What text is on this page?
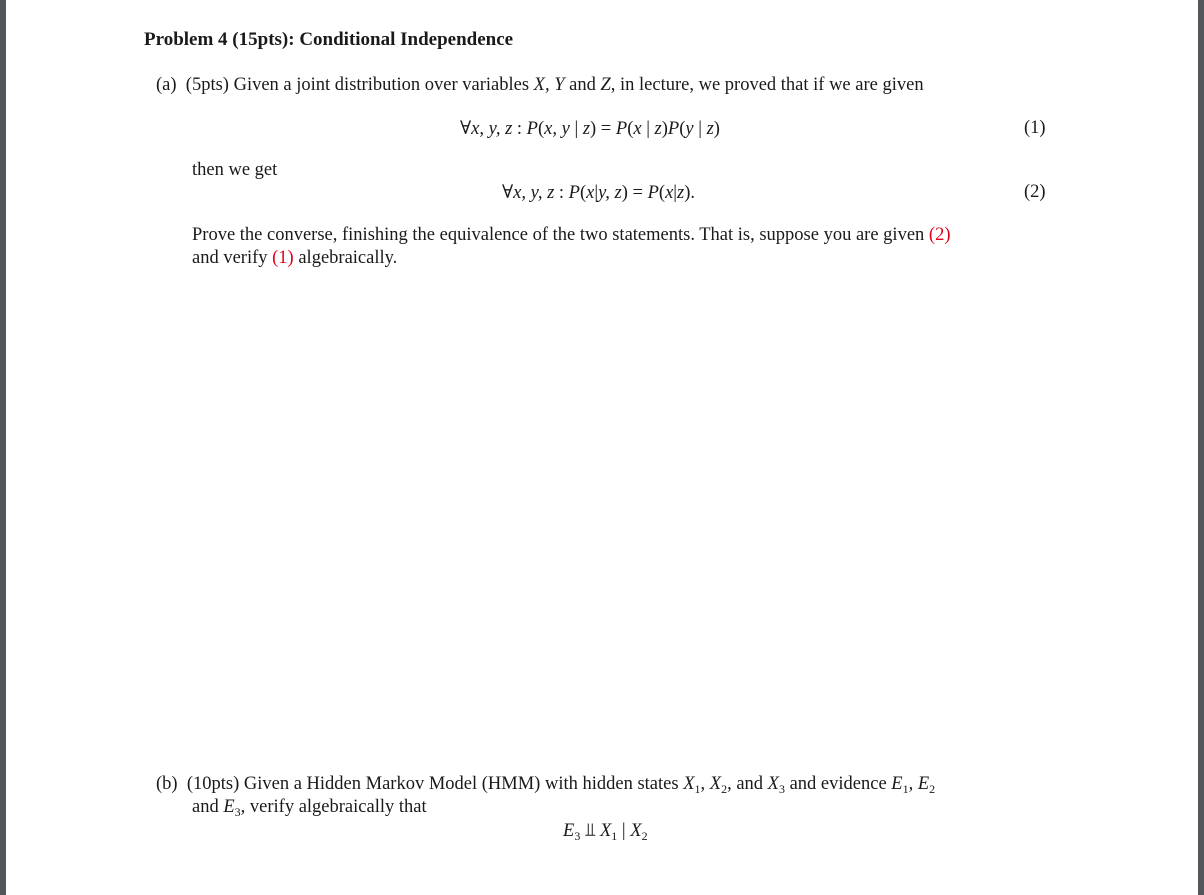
Problem 4 (15pts): Conditional Independence
(a) (5pts) Given a joint distribution over variables X, Y and Z, in lecture, we proved that if we are given
∀x, y, z : P(x, y | z) = P(x | z)P(y | z)	(1)
then we get
∀x, y, z : P(x|y, z) = P(x|z).	(2)
Prove the converse, finishing the equivalence of the two statements. That is, suppose you are given (2)
and verify (1) algebraically.
(b) (10pts) Given a Hidden Markov Model (HMM) with hidden states $X_1$, $X_2$, and $X_3$ and evidence $E_1$, $E_2$
and $E_3$, verify algebraically that
$E_3$ ⫫ $X_1$ | $X_2$
